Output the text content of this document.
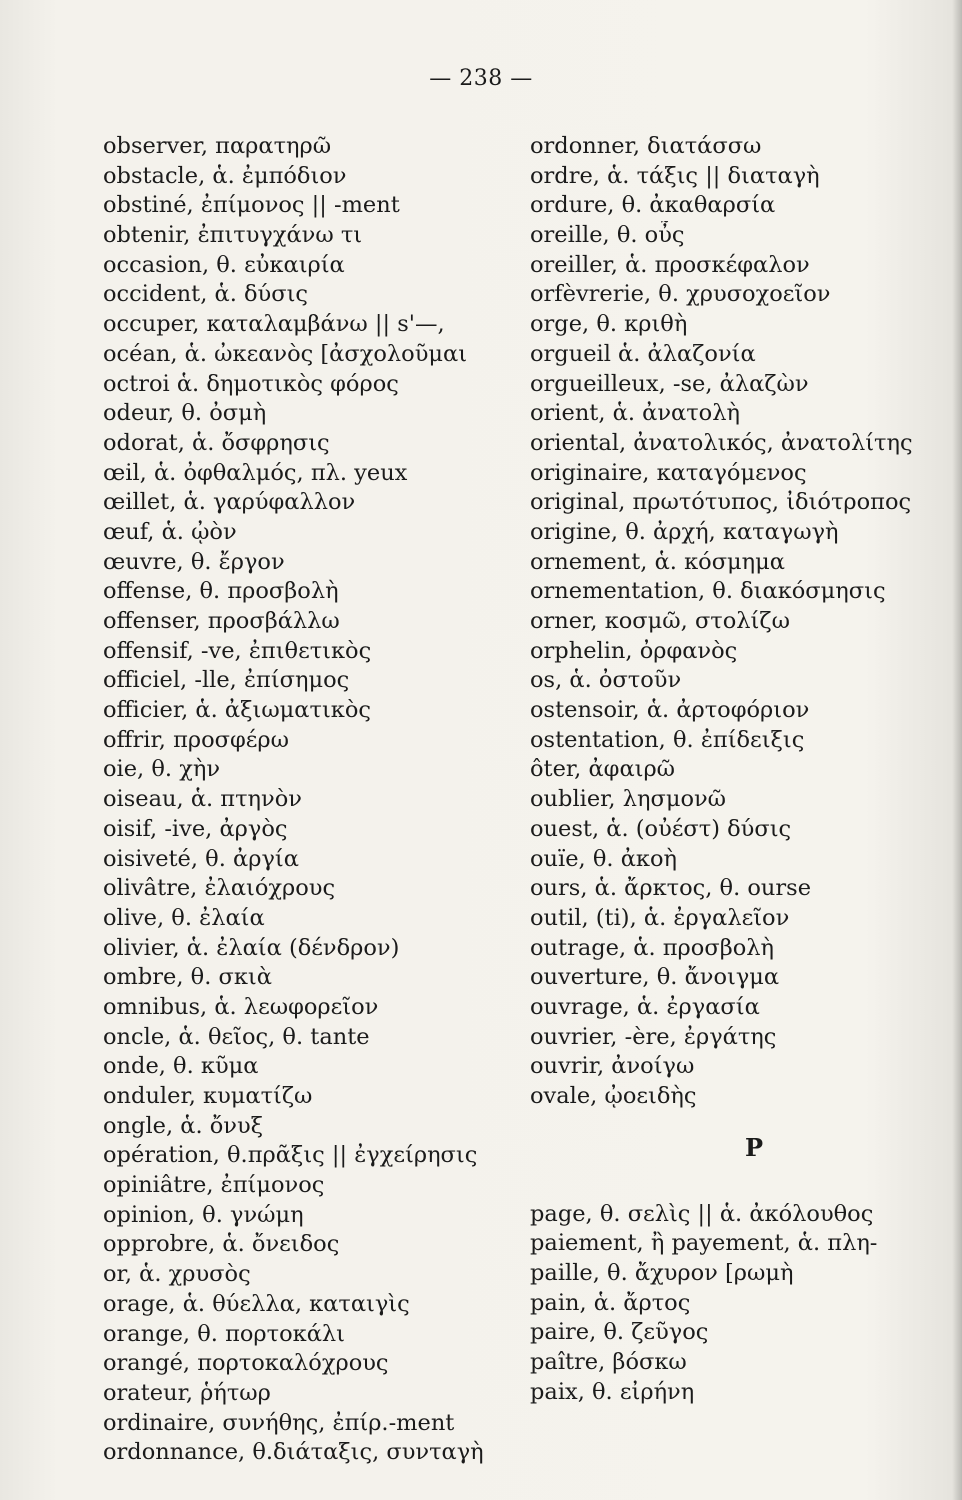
— 238 —
observer, παρατηρῶ
obstacle, ἁ. ἐμπόδιον
obstiné, ἐπίμονος || -ment
obtenir, ἐπιτυγχάνω τι
occasion, θ. εὐκαιρία
occident, ἁ. δύσις
occuper, καταλαμβάνω || s'—,
océan, ἁ. ὠκεανὸς [ἀσχολοῦμαι
octroi ἁ. δημοτικὸς φόρος
odeur, θ. ὀσμὴ
odorat, ἁ. ὄσφρησις
œil, ἁ. ὀφθαλμός, πλ. yeux
œillet, ἁ. γαρύφαλλον
œuf, ἁ. ᾠὸν
œuvre, θ. ἔργον
offense, θ. προσβολὴ
offenser, προσβάλλω
offensif, -ve, ἐπιθετικὸς
officiel, -lle, ἐπίσημος
officier, ἁ. ἀξιωματικὸς
offrir, προσφέρω
oie, θ. χὴν
oiseau, ἁ. πτηνὸν
oisif, -ive, ἀργὸς
oisiveté, θ. ἀργία
olivâtre, ἐλαιόχρους
olive, θ. ἐλαία
olivier, ἁ. ἐλαία (δένδρον)
ombre, θ. σκιὰ
omnibus, ἁ. λεωφορεῖον
oncle, ἁ. θεῖος, θ. tante
onde, θ. κῦμα
onduler, κυματίζω
ongle, ἁ. ὄνυξ
opération, θ.πρᾶξις || ἐγχείρησις
opiniâtre, ἐπίμονος
opinion, θ. γνώμη
opprobre, ἁ. ὄνειδος
or, ἁ. χρυσὸς
orage, ἁ. θύελλα, καταιγὶς
orange, θ. πορτοκάλι
orangé, πορτοκαλόχρους
orateur, ῥήτωρ
ordinaire, συνήθης, ἐπίρ.-ment
ordonnance, θ.διάταξις, συνταγὴ
ordonner, διατάσσω
ordre, ἁ. τάξις || διαταγὴ
ordure, θ. ἀκαθαρσία
oreille, θ. οὖς
oreiller, ἁ. προσκέφαλον
orfèvrerie, θ. χρυσοχοεῖον
orge, θ. κριθὴ
orgueil ἁ. ἀλαζονία
orgueilleux, -se, ἀλαζὼν
orient, ἁ. ἀνατολὴ
oriental, ἀνατολικός, ἀνατολίτης
originaire, καταγόμενος
original, πρωτότυπος, ἰδιότροπος
origine, θ. ἀρχή, καταγωγὴ
ornement, ἁ. κόσμημα
ornementation, θ. διακόσμησις
orner, κοσμῶ, στολίζω
orphelin, ὀρφανὸς
os, ἁ. ὀστοῦν
ostensoir, ἁ. ἀρτοφόριον
ostentation, θ. ἐπίδειξις
ôter, ἀφαιρῶ
oublier, λησμονῶ
ouest, ἁ. (οὐέστ) δύσις
ouïe, θ. ἀκοὴ
ours, ἁ. ἄρκτος, θ. ourse
outil, (ti), ἁ. ἐργαλεῖον
outrage, ἁ. προσβολὴ
ouverture, θ. ἄνοιγμα
ouvrage, ἁ. ἐργασία
ouvrier, -ère, ἐργάτης
ouvrir, ἀνοίγω
ovale, ᾠοειδὴς
P
page, θ. σελὶς || ἁ. ἀκόλουθος
paiement, ἢ payement, ἁ. πλη-
paille, θ. ἄχυρον [ρωμὴ
pain, ἁ. ἄρτος
paire, θ. ζεῦγος
paître, βόσκω
paix, θ. εἰρήνη
